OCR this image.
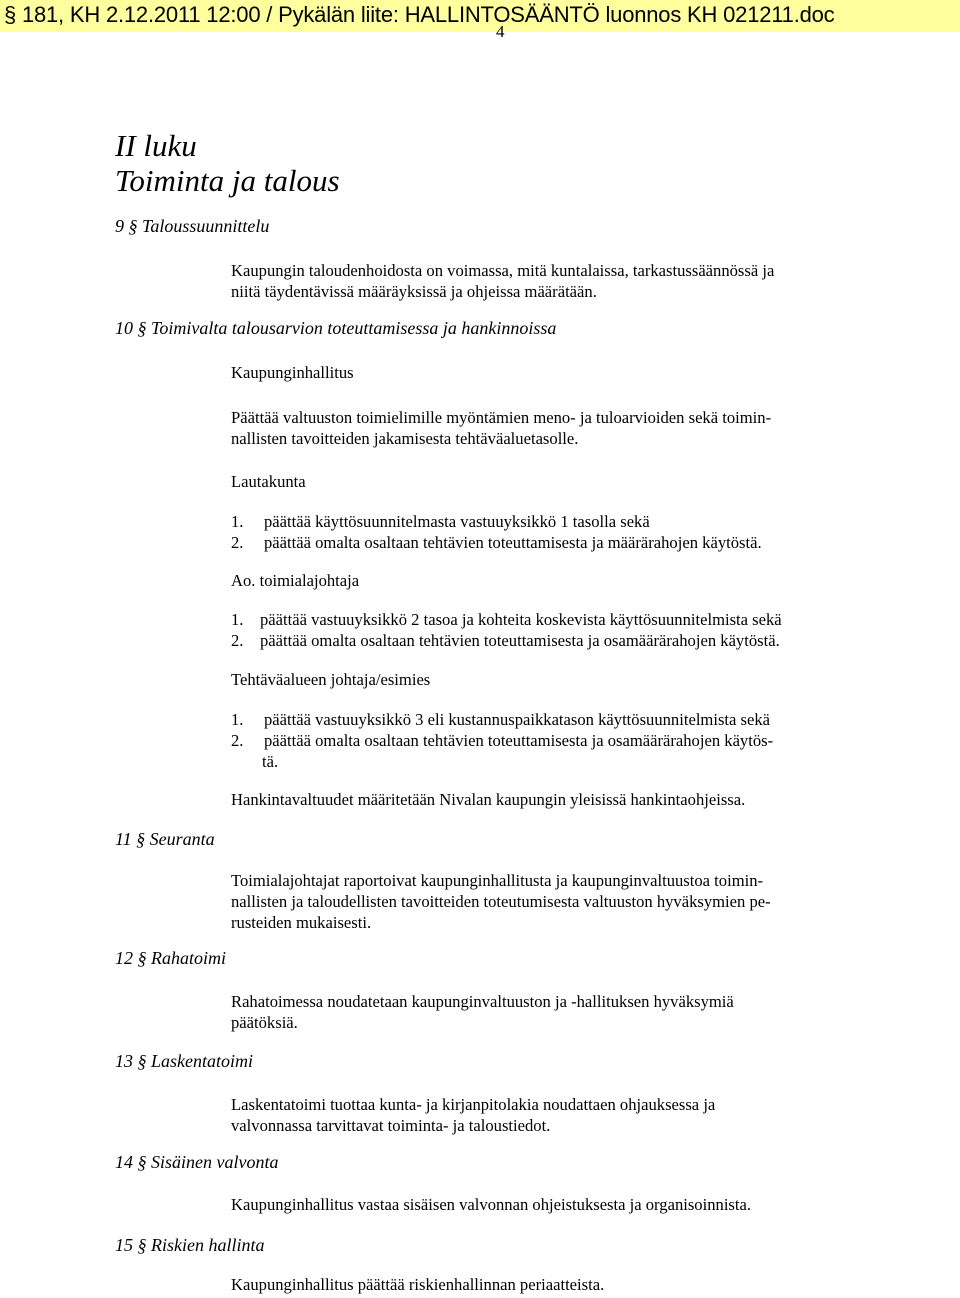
§ 181, KH 2.12.2011 12:00 / Pykälän liite: HALLINTOSÄÄNTÖ luonnos KH 021211.doc
4
II luku
Toiminta ja talous
9 § Taloussuunnittelu
Kaupungin taloudenhoidosta on voimassa, mitä kuntalaissa, tarkastussäännössä ja
niitä täydentävissä määräyksissä ja ohjeissa määrätään.
10 § Toimivalta talousarvion toteuttamisessa ja hankinnoissa
Kaupunginhallitus
Päättää valtuuston toimielimille myöntämien meno- ja tuloarvioiden sekä toimin-
nallisten tavoitteiden jakamisesta tehtäväaluetasolle.
Lautakunta
1. päättää käyttösuunnitelmasta vastuuyksikkö 1 tasolla sekä
2. päättää omalta osaltaan tehtävien toteuttamisesta ja määrärahojen käytöstä.
Ao. toimialajohtaja
1. päättää vastuuyksikkö 2 tasoa ja kohteita koskevista käyttösuunnitelmista sekä
2. päättää omalta osaltaan tehtävien toteuttamisesta ja osamäärärahojen käytöstä.
Tehtäväalueen johtaja/esimies
1. päättää vastuuyksikkö 3 eli kustannuspaikkatason käyttösuunnitelmista sekä
2. päättää omalta osaltaan tehtävien toteuttamisesta ja osamäärärahojen käytös-
tä.
Hankintavaltuudet määritetään Nivalan kaupungin yleisissä hankintaohjeissa.
11 § Seuranta
Toimialajohtajat raportoivat kaupunginhallitusta ja kaupunginvaltuustoa toimin-
nallisten ja taloudellisten tavoitteiden toteutumisesta valtuuston hyväksymien pe-
rusteiden mukaisesti.
12 § Rahatoimi
Rahatoimessa noudatetaan kaupunginvaltuuston ja -hallituksen hyväksymiä
päätöksiä.
13 § Laskentatoimi
Laskentatoimi tuottaa kunta- ja kirjanpitolakia noudattaen ohjauksessa ja
valvonnassa tarvittavat toiminta- ja taloustiedot.
14 § Sisäinen valvonta
Kaupunginhallitus vastaa sisäisen valvonnan ohjeistuksesta ja organisoinnista.
15 § Riskien hallinta
Kaupunginhallitus päättää riskienhallinnan periaatteista.
